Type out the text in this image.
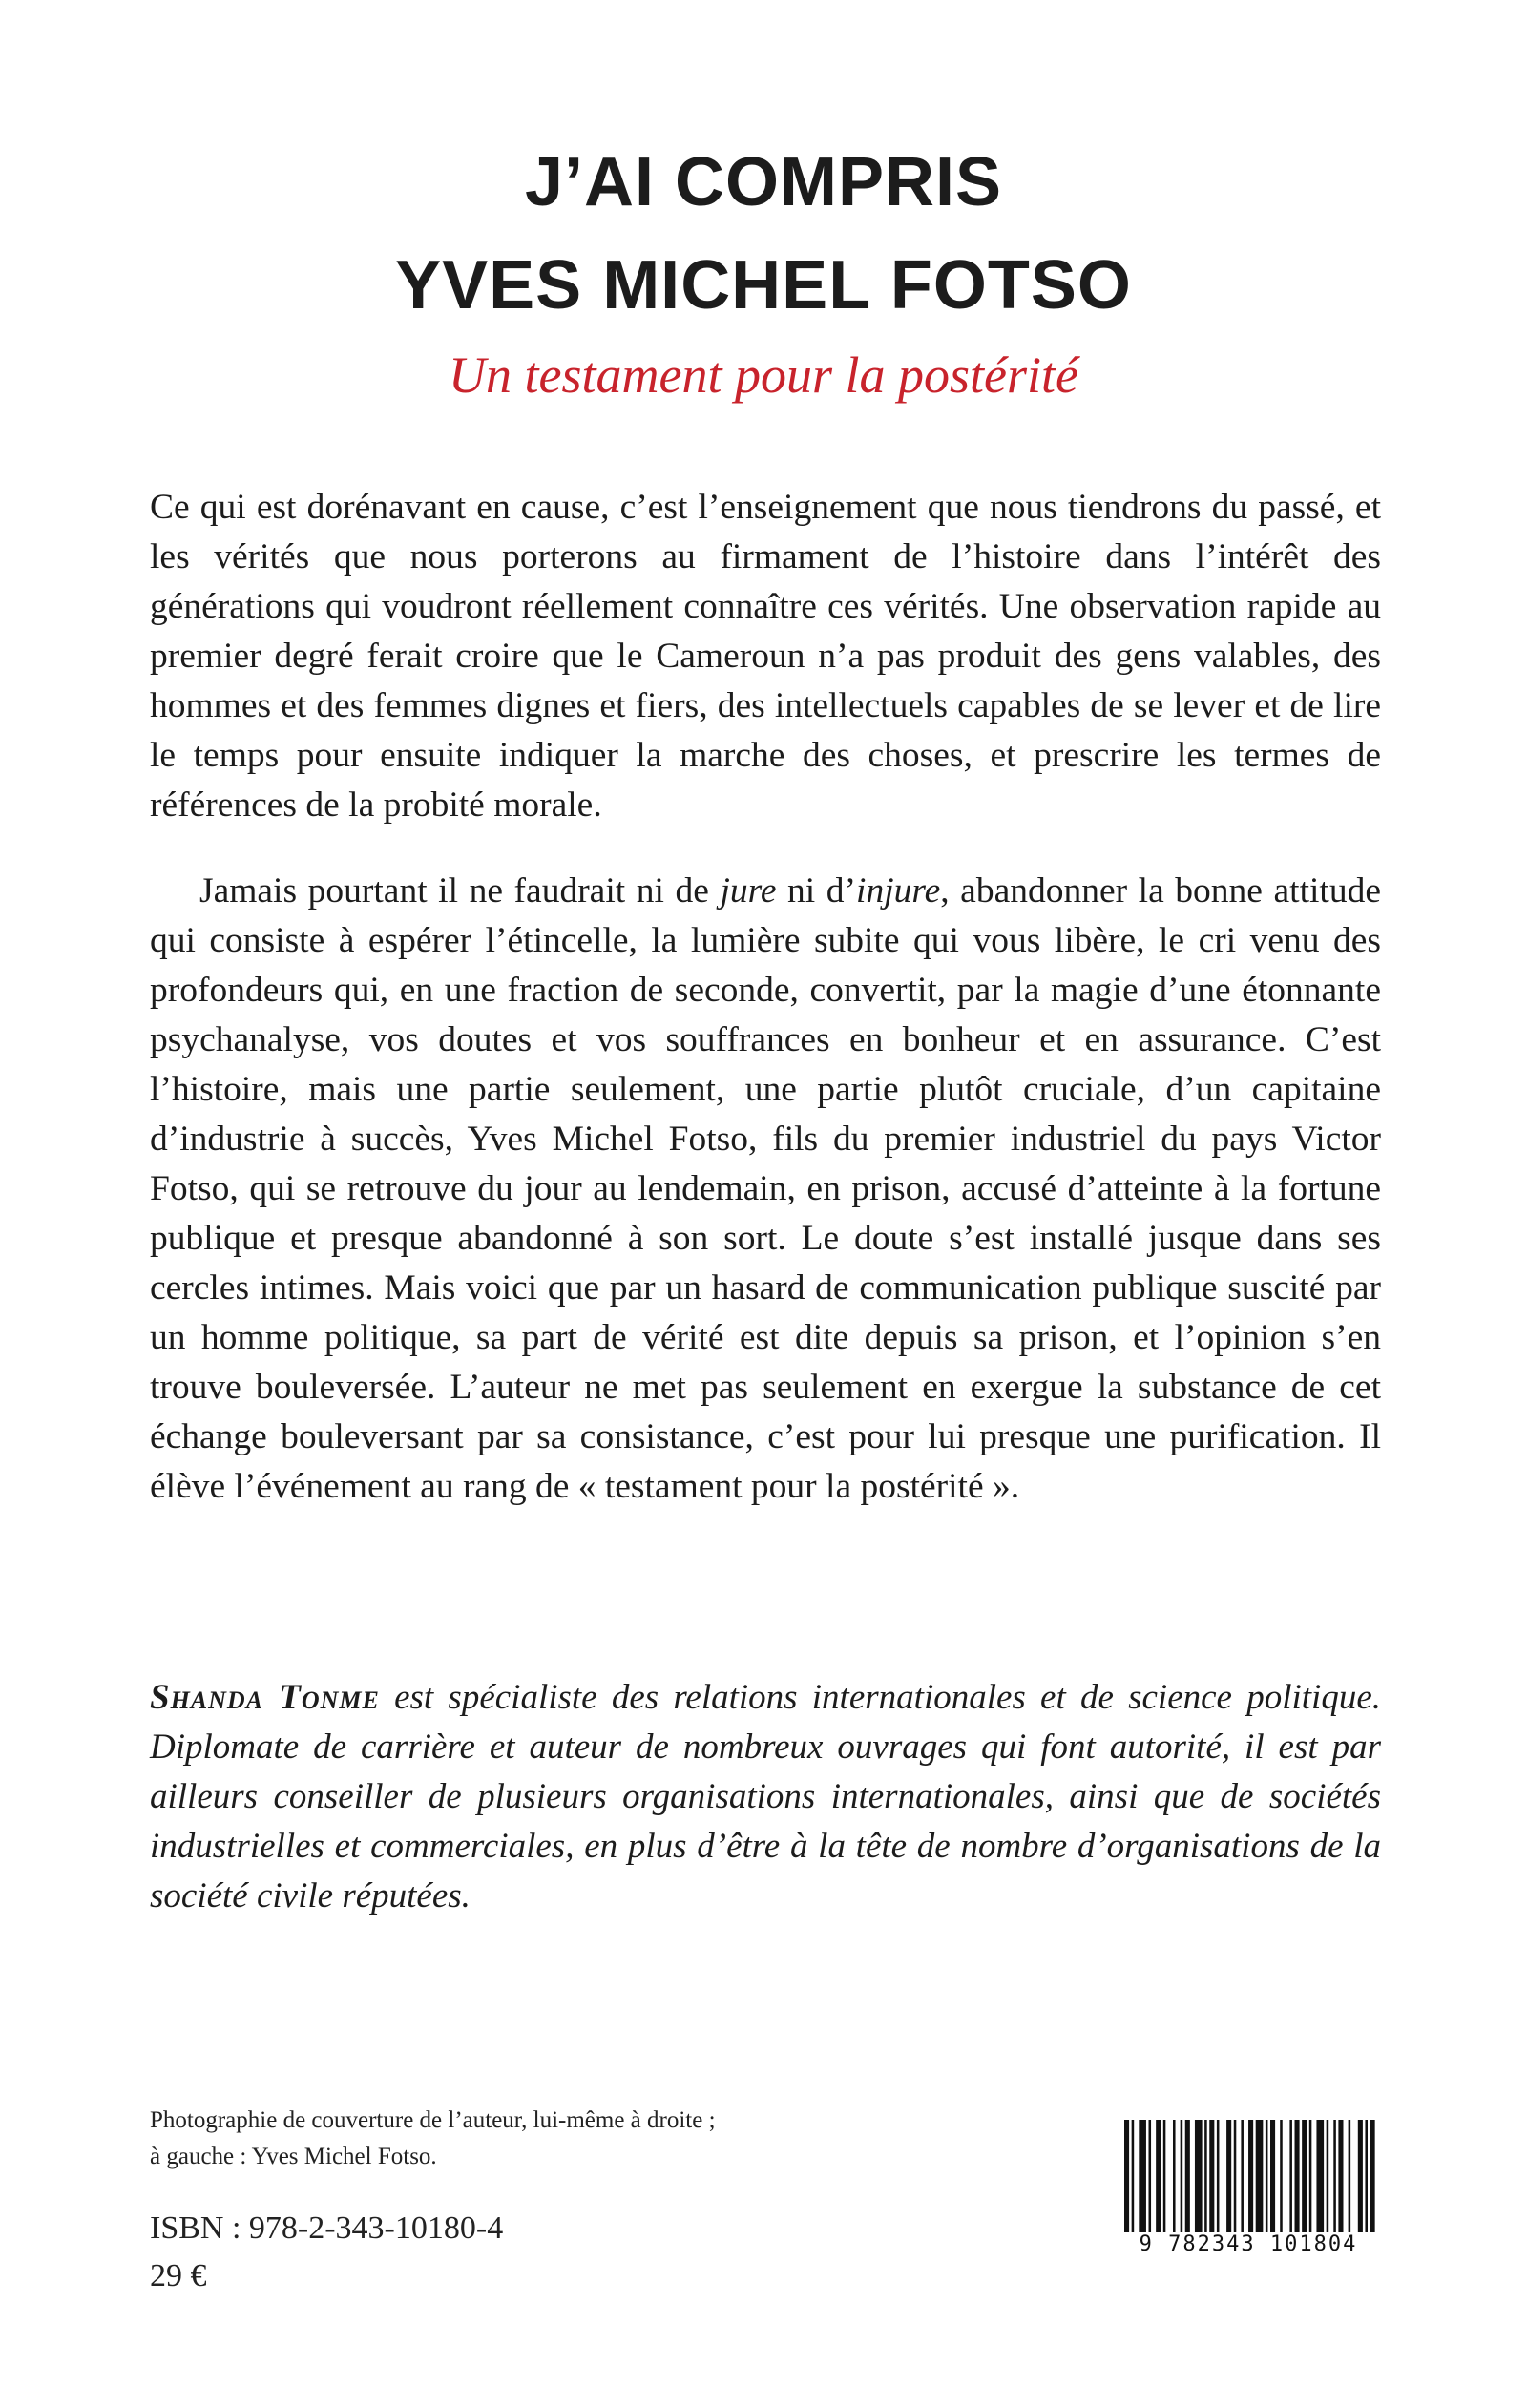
J’AI COMPRIS
YVES MICHEL FOTSO
Un testament pour la postérité

Ce qui est dorénavant en cause, c’est l’enseignement que nous tiendrons du passé, et les vérités que nous porterons au firmament de l’histoire dans l’intérêt des générations qui voudront réellement connaître ces vérités. Une observation rapide au premier degré ferait croire que le Cameroun n’a pas produit des gens valables, des hommes et des femmes dignes et fiers, des intellectuels capables de se lever et de lire le temps pour ensuite indiquer la marche des choses, et prescrire les termes de références de la probité morale.

Jamais pourtant il ne faudrait ni de jure ni d’injure, abandonner la bonne attitude qui consiste à espérer l’étincelle, la lumière subite qui vous libère, le cri venu des profondeurs qui, en une fraction de seconde, convertit, par la magie d’une étonnante psychanalyse, vos doutes et vos souffrances en bonheur et en assurance. C’est l’histoire, mais une partie seulement, une partie plutôt cruciale, d’un capitaine d’industrie à succès, Yves Michel Fotso, fils du premier industriel du pays Victor Fotso, qui se retrouve du jour au lendemain, en prison, accusé d’atteinte à la fortune publique et presque abandonné à son sort. Le doute s’est installé jusque dans ses cercles intimes. Mais voici que par un hasard de communication publique suscité par un homme politique, sa part de vérité est dite depuis sa prison, et l’opinion s’en trouve bouleversée. L’auteur ne met pas seulement en exergue la substance de cet échange bouleversant par sa consistance, c’est pour lui presque une purification. Il élève l’événement au rang de « testament pour la postérité ».

Shanda Tonme est spécialiste des relations internationales et de science politique. Diplomate de carrière et auteur de nombreux ouvrages qui font autorité, il est par ailleurs conseiller de plusieurs organisations internationales, ainsi que de sociétés industrielles et commerciales, en plus d’être à la tête de nombre d’organisations de la société civile réputées.

Photographie de couverture de l’auteur, lui-même à droite ;
à gauche : Yves Michel Fotso.
ISBN : 978-2-343-10180-4
29 €
9 782343 101804
